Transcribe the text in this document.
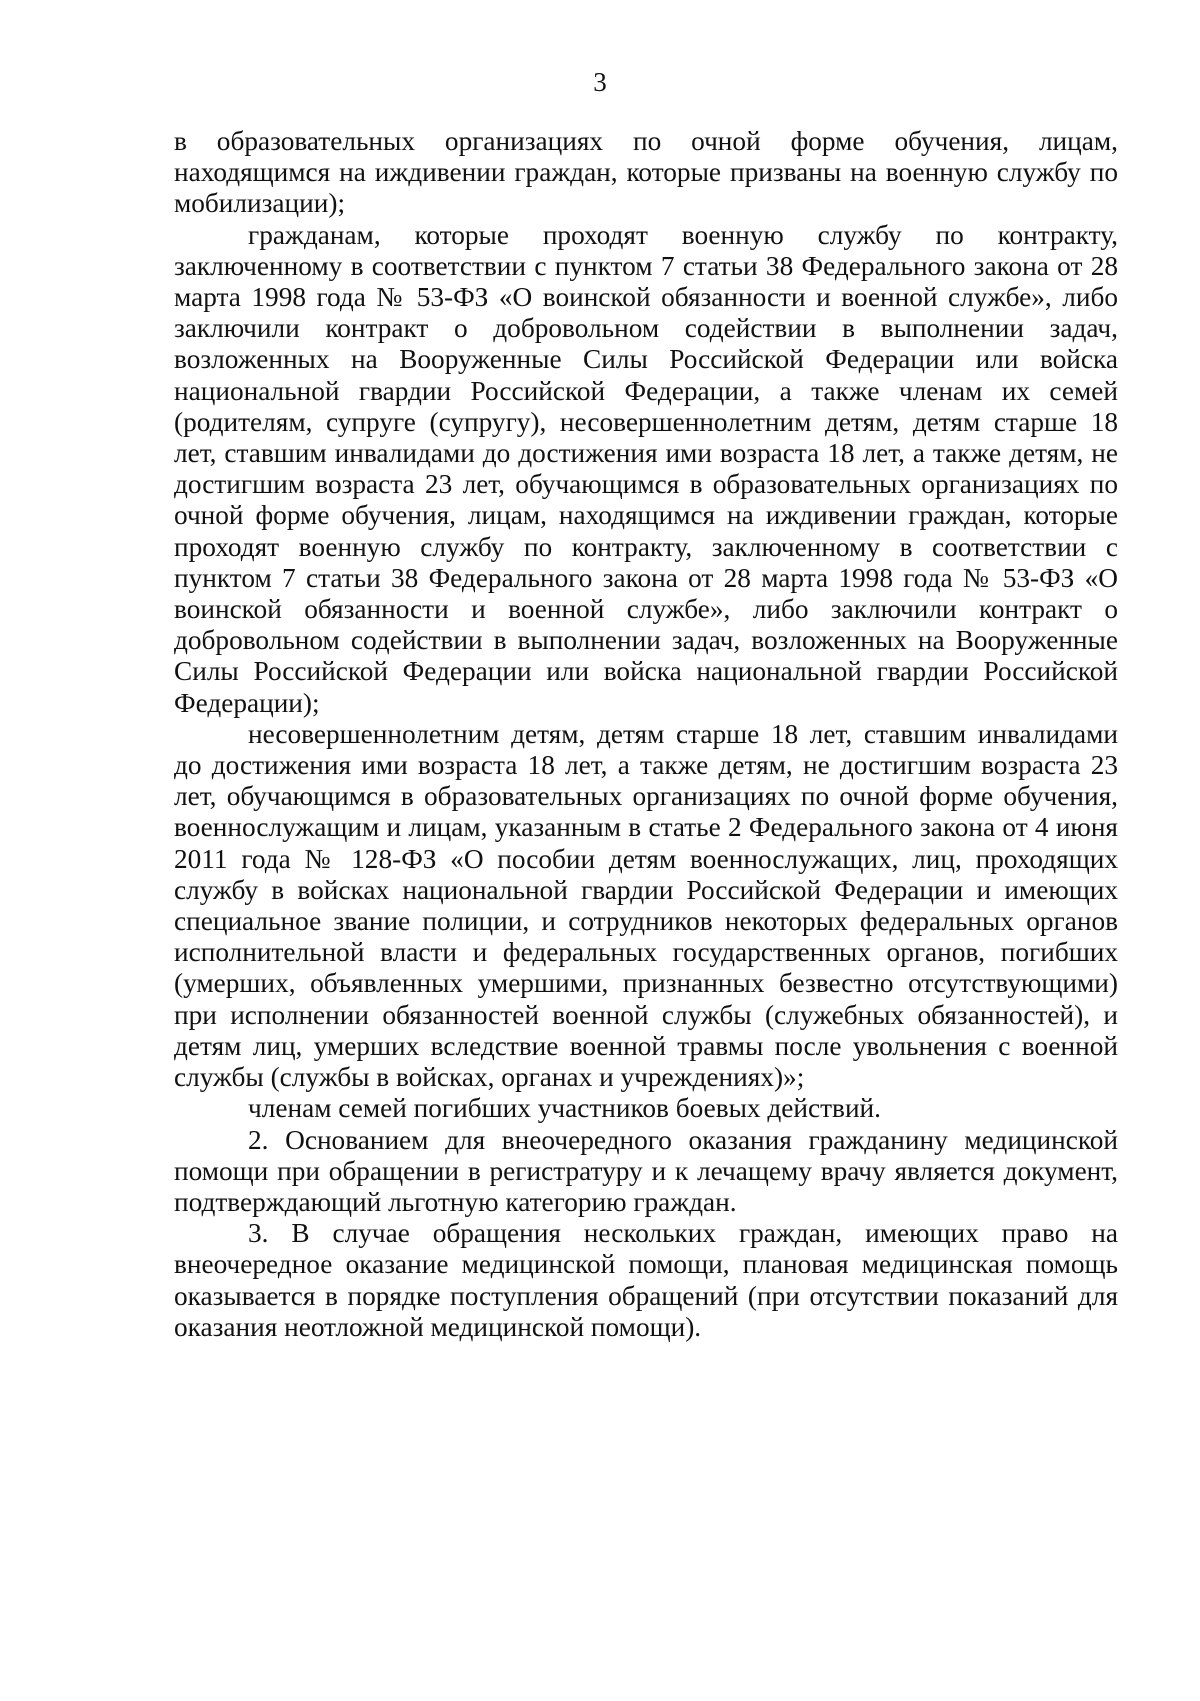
3

в образовательных организациях по очной форме обучения, лицам, находящимся на иждивении граждан, которые призваны на военную службу по мобилизации);

гражданам, которые проходят военную службу по контракту, заключенному в соответствии с пунктом 7 статьи 38 Федерального закона от 28 марта 1998 года № 53-ФЗ «О воинской обязанности и военной службе», либо заключили контракт о добровольном содействии в выполнении задач, возложенных на Вооруженные Силы Российской Федерации или войска национальной гвардии Российской Федерации, а также членам их семей (родителям, супруге (супругу), несовершеннолетним детям, детям старше 18 лет, ставшим инвалидами до достижения ими возраста 18 лет, а также детям, не достигшим возраста 23 лет, обучающимся в образовательных организациях по очной форме обучения, лицам, находящимся на иждивении граждан, которые проходят военную службу по контракту, заключенному в соответствии с пунктом 7 статьи 38 Федерального закона от 28 марта 1998 года № 53-ФЗ «О воинской обязанности и военной службе», либо заключили контракт о добровольном содействии в выполнении задач, возложенных на Вооруженные Силы Российской Федерации или войска национальной гвардии Российской Федерации);

несовершеннолетним детям, детям старше 18 лет, ставшим инвалидами до достижения ими возраста 18 лет, а также детям, не достигшим возраста 23 лет, обучающимся в образовательных организациях по очной форме обучения, военнослужащим и лицам, указанным в статье 2 Федерального закона от 4 июня 2011 года № 128-ФЗ «О пособии детям военнослужащих, лиц, проходящих службу в войсках национальной гвардии Российской Федерации и имеющих специальное звание полиции, и сотрудников некоторых федеральных органов исполнительной власти и федеральных государственных органов, погибших (умерших, объявленных умершими, признанных безвестно отсутствующими) при исполнении обязанностей военной службы (служебных обязанностей), и детям лиц, умерших вследствие военной травмы после увольнения с военной службы (службы в войсках, органах и учреждениях)»;

членам семей погибших участников боевых действий.

2. Основанием для внеочередного оказания гражданину медицинской помощи при обращении в регистратуру и к лечащему врачу является документ, подтверждающий льготную категорию граждан.

3. В случае обращения нескольких граждан, имеющих право на внеочередное оказание медицинской помощи, плановая медицинская помощь оказывается в порядке поступления обращений (при отсутствии показаний для оказания неотложной медицинской помощи).
